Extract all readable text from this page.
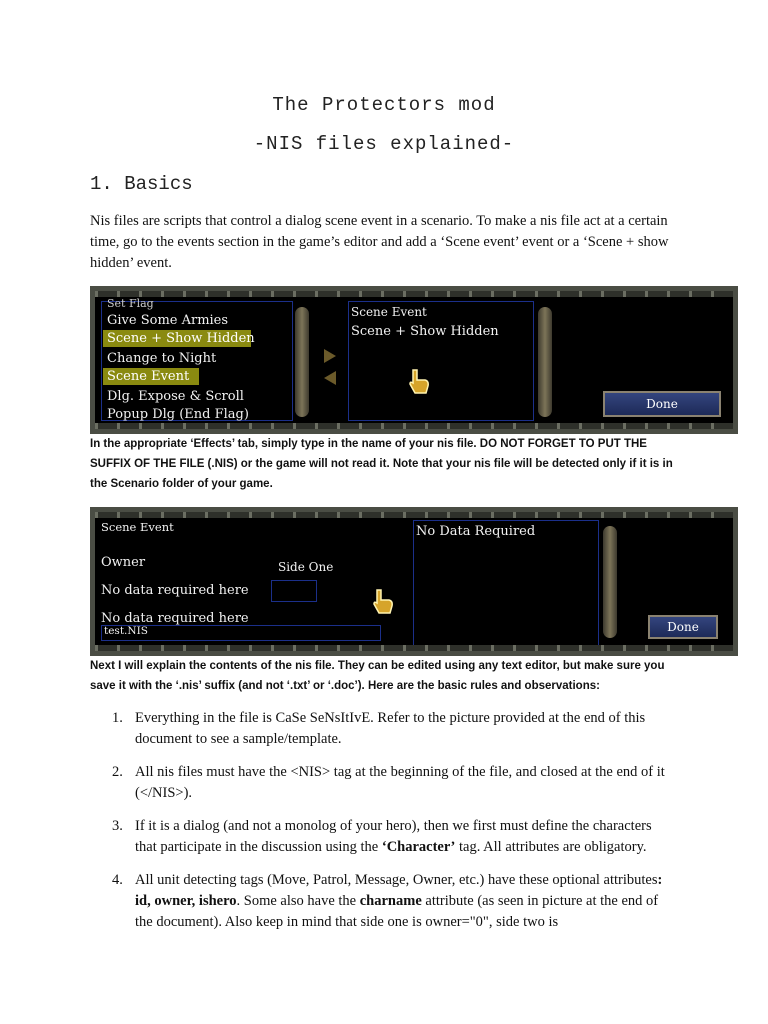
The Protectors mod
-NIS files explained-
1. Basics
Nis files are scripts that control a dialog scene event in a scenario. To make a nis file act at a certain time, go to the events section in the game’s editor and add a ‘Scene event’ event or a ‘Scene + show hidden’ event.
Set Flag
Give Some Armies
Scene + Show Hidden
Change to Night
Scene Event
Dlg. Expose & Scroll
Popup Dlg (End Flag)
Scene Event
Scene + Show Hidden
Done
In the appropriate ‘Effects’ tab, simply type in the name of your nis file. DO NOT FORGET TO PUT THE SUFFIX OF THE FILE (.NIS) or the game will not read it. Note that your nis file will be detected only if it is in the Scenario folder of your game.
Scene Event
Owner	Side One
No data required here
No data required here
test.NIS
No Data Required
Done
Next I will explain the contents of the nis file. They can be edited using any text editor, but make sure you save it with the ‘.nis’ suffix (and not ‘.txt’ or ‘.doc’). Here are the basic rules and observations:
1. Everything in the file is CaSe SeNsItIvE. Refer to the picture provided at the end of this document to see a sample/template.
2. All nis files must have the <NIS> tag at the beginning of the file, and closed at the end of it (</NIS>).
3. If it is a dialog (and not a monolog of your hero), then we first must define the characters that participate in the discussion using the ‘Character’ tag. All attributes are obligatory.
4. All unit detecting tags (Move, Patrol, Message, Owner, etc.) have these optional attributes: id, owner, ishero. Some also have the charname attribute (as seen in picture at the end of the document). Also keep in mind that side one is owner="0", side two is
